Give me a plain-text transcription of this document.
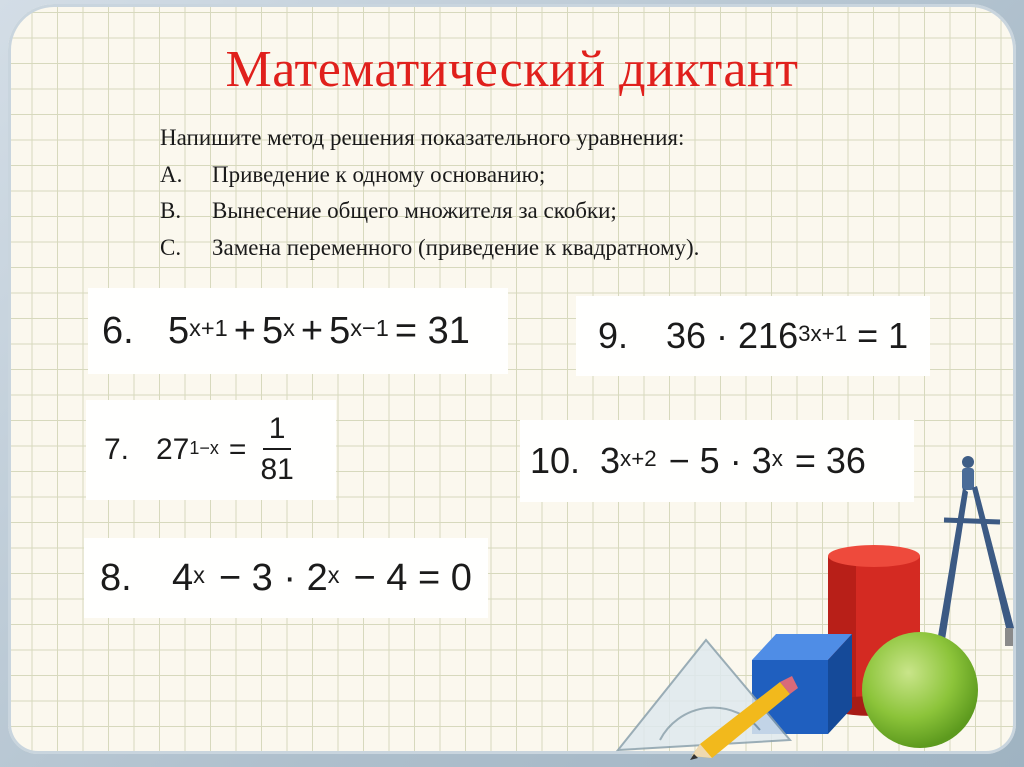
Математический диктант
Напишите метод решения показательного уравнения:
A.	Приведение к одному основанию;
B.	Вынесение общего множителя за скобки;
C.	Замена переменного (приведение к квадратному).
6. $5^{x+1} + 5^x + 5^{x-1} = 31$
7. $27^{1-x} = \frac{1}{81}$
8.	$4^x - 3 \cdot 2^x - 4 = 0$
9.	$36 \cdot 216^{3x+1} = 1$
10. $3^{x+2} - 5 \cdot 3^x = 36$
